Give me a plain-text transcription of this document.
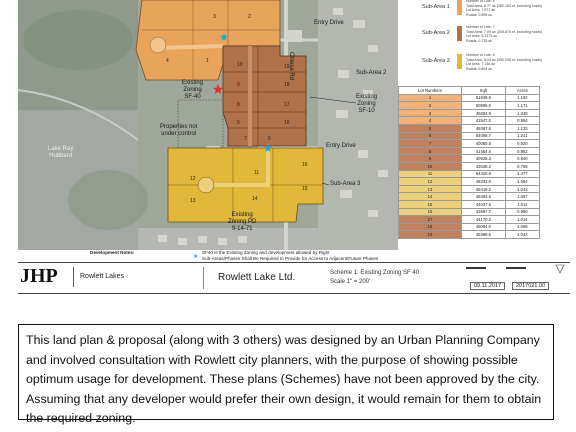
Entry Drive
Entry Drive
Existing
Zoning
SF-40	Existing
Zoning
SF-10
Existing
Zoning PD
9-14-71
Properties not
under control
Lake Ray
Hubbard
Sub-Area 3
Sub-Area 2
Chiesa Rd
3	2
1
4
19
18
17
16
9
8
10
5
6
7
11
12
13	14
15
16
Sub-Area 1
Number of Lots: 4
Total Area: 8.77 ac (382,183 sf, including roads)
Lot Area: 7.877 ac
Roads: 0.895 ac
Sub-Area 2
Number of Lots: 7
Total Area: 7.09 ac (308,870 sf, including roads)
Lot Area: 6.3375 ac
Roads: 0.735 ac
Sub-Area 3
Number of Lots: 6
Total Area: 8.04 ac (350,258 sf, including roads)
Lot Area: 7.146 ac
Roads: 0.894 ac
Lot Numbers	Sqft	Acres
1	51938.8	1.192
2	50996.0	1.171
3	45684.9	1.048
4	41547.0	0.954
5	49387.6	1.133
6	54068.7	1.241
7	40065.8	0.920
8	41454.6	0.952
9	40928.3	0.940
10	33028.3	0.758
11	64320.8	1.477
12	46332.0	1.064
13	45419.2	1.043
14	46493.6	1.067
15	44037.6	1.011
16	42667.7	0.980
17	44170.2	1.014
18	46084.0	1.058
19	45388.5	1.042
Development Notes:	SF40 is the Existing Zoning and development allowed by Right
★ Sub-Areas/Phases Shall Be Required to Provide for Access to Adjacent/Future Phases
JHP	Rowlett Lakes	Rowlett Lake Ltd.	Scheme 1: Existing Zoning SF 40
Scale 1" = 200'
09.11.2017	2017021.00

This land plan & proposal (along with 3 others) was designed by an Urban Planning Company and involved consultation with Rowlett city planners, with the purpose of showing possible optimum usage for development. These plans (Schemes) have not been approved by the city. Assuming that any developer would prefer their own design, it would remain for them to obtain the required zoning.
